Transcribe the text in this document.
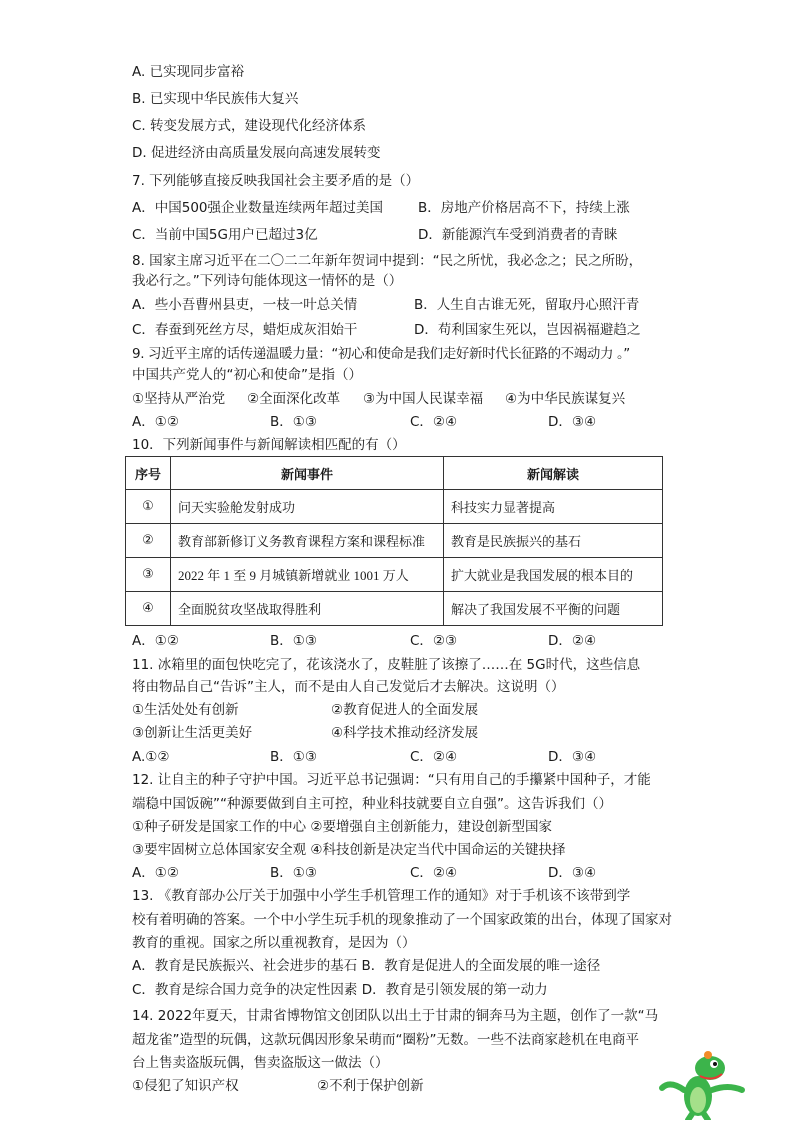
A. 已实现同步富裕
B. 已实现中华民族伟大复兴
C. 转变发展方式，建设现代化经济体系
D. 促进经济由高质量发展向高速发展转变
7. 下列能够直接反映我国社会主要矛盾的是（）
A．中国500强企业数量连续两年超过美国	B．房地产价格居高不下，持续上涨
C．当前中国5G用户已超过3亿	D．新能源汽车受到消费者的青睐
8. 国家主席习近平在二〇二二年新年贺词中提到：“民之所忧，我必念之；民之所盼，
我必行之。”下列诗句能体现这一情怀的是（）
A．些小吾曹州县吏，一枝一叶总关情	B．人生自古谁无死，留取丹心照汗青
C．春蚕到死丝方尽，蜡炬成灰泪始干	D．苟利国家生死以，岂因祸福避趋之
9. 习近平主席的话传递温暖力量：“初心和使命是我们走好新时代长征路的不竭动力 。”
中国共产党人的“初心和使命”是指（）
①坚持从严治党 ②全面深化改革 ③为中国人民谋幸福 ④为中华民族谋复兴
A．①②	B．①③	C．②④	D．③④
10．下列新闻事件与新闻解读相匹配的有（）
序号	新闻事件	新闻解读
①	问天实验舱发射成功	科技实力显著提高
②	教育部新修订义务教育课程方案和课程标准	教育是民族振兴的基石
③	2022 年 1 至 9 月城镇新增就业 1001 万人	扩大就业是我国发展的根本目的
④	全面脱贫攻坚战取得胜利	解决了我国发展不平衡的问题
A．①②	B．①③	C．②③	D．②④
11. 冰箱里的面包快吃完了，花该浇水了，皮鞋脏了该擦了……在 5G时代，这些信息
将由物品自己“告诉”主人，而不是由人自己发觉后才去解决。这说明（）
①生活处处有创新	②教育促进人的全面发展
③创新让生活更美好	④科学技术推动经济发展
A.①②	B．①③	C．②④	D．③④
12. 让自主的种子守护中国。习近平总书记强调：“只有用自己的手攥紧中国种子，才能
端稳中国饭碗”“种源要做到自主可控，种业科技就要自立自强”。这告诉我们（）
①种子研发是国家工作的中心 ②要增强自主创新能力，建设创新型国家
③要牢固树立总体国家安全观 ④科技创新是决定当代中国命运的关键抉择
A．①②	B．①③	C．②④	D．③④
13. 《教育部办公厅关于加强中小学生手机管理工作的通知》对于手机该不该带到学
校有着明确的答案。一个中小学生玩手机的现象推动了一个国家政策的出台，体现了国家对
教育的重视。国家之所以重视教育，是因为（）
A．教育是民族振兴、社会进步的基石 B．教育是促进人的全面发展的唯一途径
C．教育是综合国力竞争的决定性因素 D．教育是引领发展的第一动力
14. 2022年夏天，甘肃省博物馆文创团队以出土于甘肃的铜奔马为主题，创作了一款“马
超龙雀”造型的玩偶，这款玩偶因形象呆萌而“圈粉”无数。一些不法商家趁机在电商平
台上售卖盗版玩偶，售卖盗版这一做法（）
①侵犯了知识产权	②不利于保护创新
